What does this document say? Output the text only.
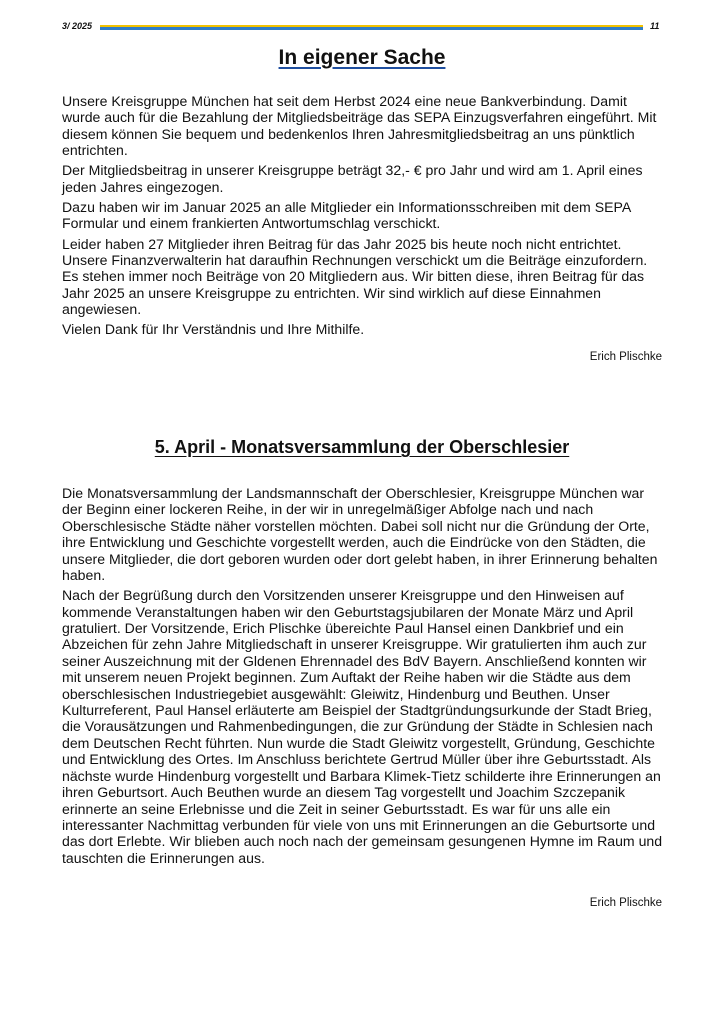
3/ 2025	11
In eigener Sache

Unsere Kreisgruppe München hat seit dem Herbst 2024 eine neue Bankverbindung. Damit wurde auch für die Bezahlung der Mitgliedsbeiträge das SEPA Einzugsverfahren eingeführt. Mit diesem können Sie bequem und bedenkenlos Ihren Jahresmitgliedsbeitrag an uns pünktlich entrichten.

Der Mitgliedsbeitrag in unserer Kreisgruppe beträgt 32,- € pro Jahr und wird am 1. April eines jeden Jahres eingezogen.

Dazu haben wir im Januar 2025 an alle Mitglieder ein Informationsschreiben mit dem SEPA Formular und einem frankierten Antwortumschlag verschickt.

Leider haben 27 Mitglieder ihren Beitrag für das Jahr 2025 bis heute noch nicht entrichtet. Unsere Finanzverwalterin hat daraufhin Rechnungen verschickt um die Beiträge einzufordern. Es stehen immer noch Beiträge von 20 Mitgliedern aus. Wir bitten diese, ihren Beitrag für das Jahr 2025 an unsere Kreisgruppe zu entrichten. Wir sind wirklich auf diese Einnahmen angewiesen.

Vielen Dank für Ihr Verständnis und Ihre Mithilfe.

Erich Plischke
5. April - Monatsversammlung der Oberschlesier

Die Monatsversammlung der Landsmannschaft der Oberschlesier, Kreisgruppe München war der Beginn einer lockeren Reihe, in der wir in unregelmäßiger Abfolge nach und nach Oberschlesische Städte näher vorstellen möchten. Dabei soll nicht nur die Gründung der Orte, ihre Entwicklung und Geschichte vorgestellt werden, auch die Eindrücke von den Städten, die unsere Mitglieder, die dort geboren wurden oder dort gelebt haben, in ihrer Erinnerung behalten haben.

Nach der Begrüßung durch den Vorsitzenden unserer Kreisgruppe und den Hinweisen auf kommende Veranstaltungen haben wir den Geburtstagsjubilaren der Monate März und April gratuliert. Der Vorsitzende, Erich Plischke übereichte Paul Hansel einen Dankbrief und ein Abzeichen für zehn Jahre Mitgliedschaft in unserer Kreisgruppe. Wir gratulierten ihm auch zur seiner Auszeichnung mit der Gldenen Ehrennadel des BdV Bayern. Anschließend konnten wir mit unserem neuen Projekt beginnen. Zum Auftakt der Reihe haben wir die Städte aus dem oberschlesischen Industriegebiet ausgewählt: Gleiwitz, Hindenburg und Beuthen. Unser Kulturreferent, Paul Hansel erläuterte am Beispiel der Stadtgründungsurkunde der Stadt Brieg, die Vorausätzungen und Rahmenbedingungen, die zur Gründung der Städte in Schlesien nach dem Deutschen Recht führten. Nun wurde die Stadt Gleiwitz vorgestellt, Gründung, Geschichte und Entwicklung des Ortes. Im Anschluss berichtete Gertrud Müller über ihre Geburtsstadt. Als nächste wurde Hindenburg vorgestellt und Barbara Klimek-Tietz schilderte ihre Erinnerungen an ihren Geburtsort. Auch Beuthen wurde an diesem Tag vorgestellt und Joachim Szczepanik erinnerte an seine Erlebnisse und die Zeit in seiner Geburtsstadt. Es war für uns alle ein interessanter Nachmittag verbunden für viele von uns mit Erinnerungen an die Geburtsorte und das dort Erlebte. Wir blieben auch noch nach der gemeinsam gesungenen Hymne im Raum und tauschten die Erinnerungen aus.

Erich Plischke
